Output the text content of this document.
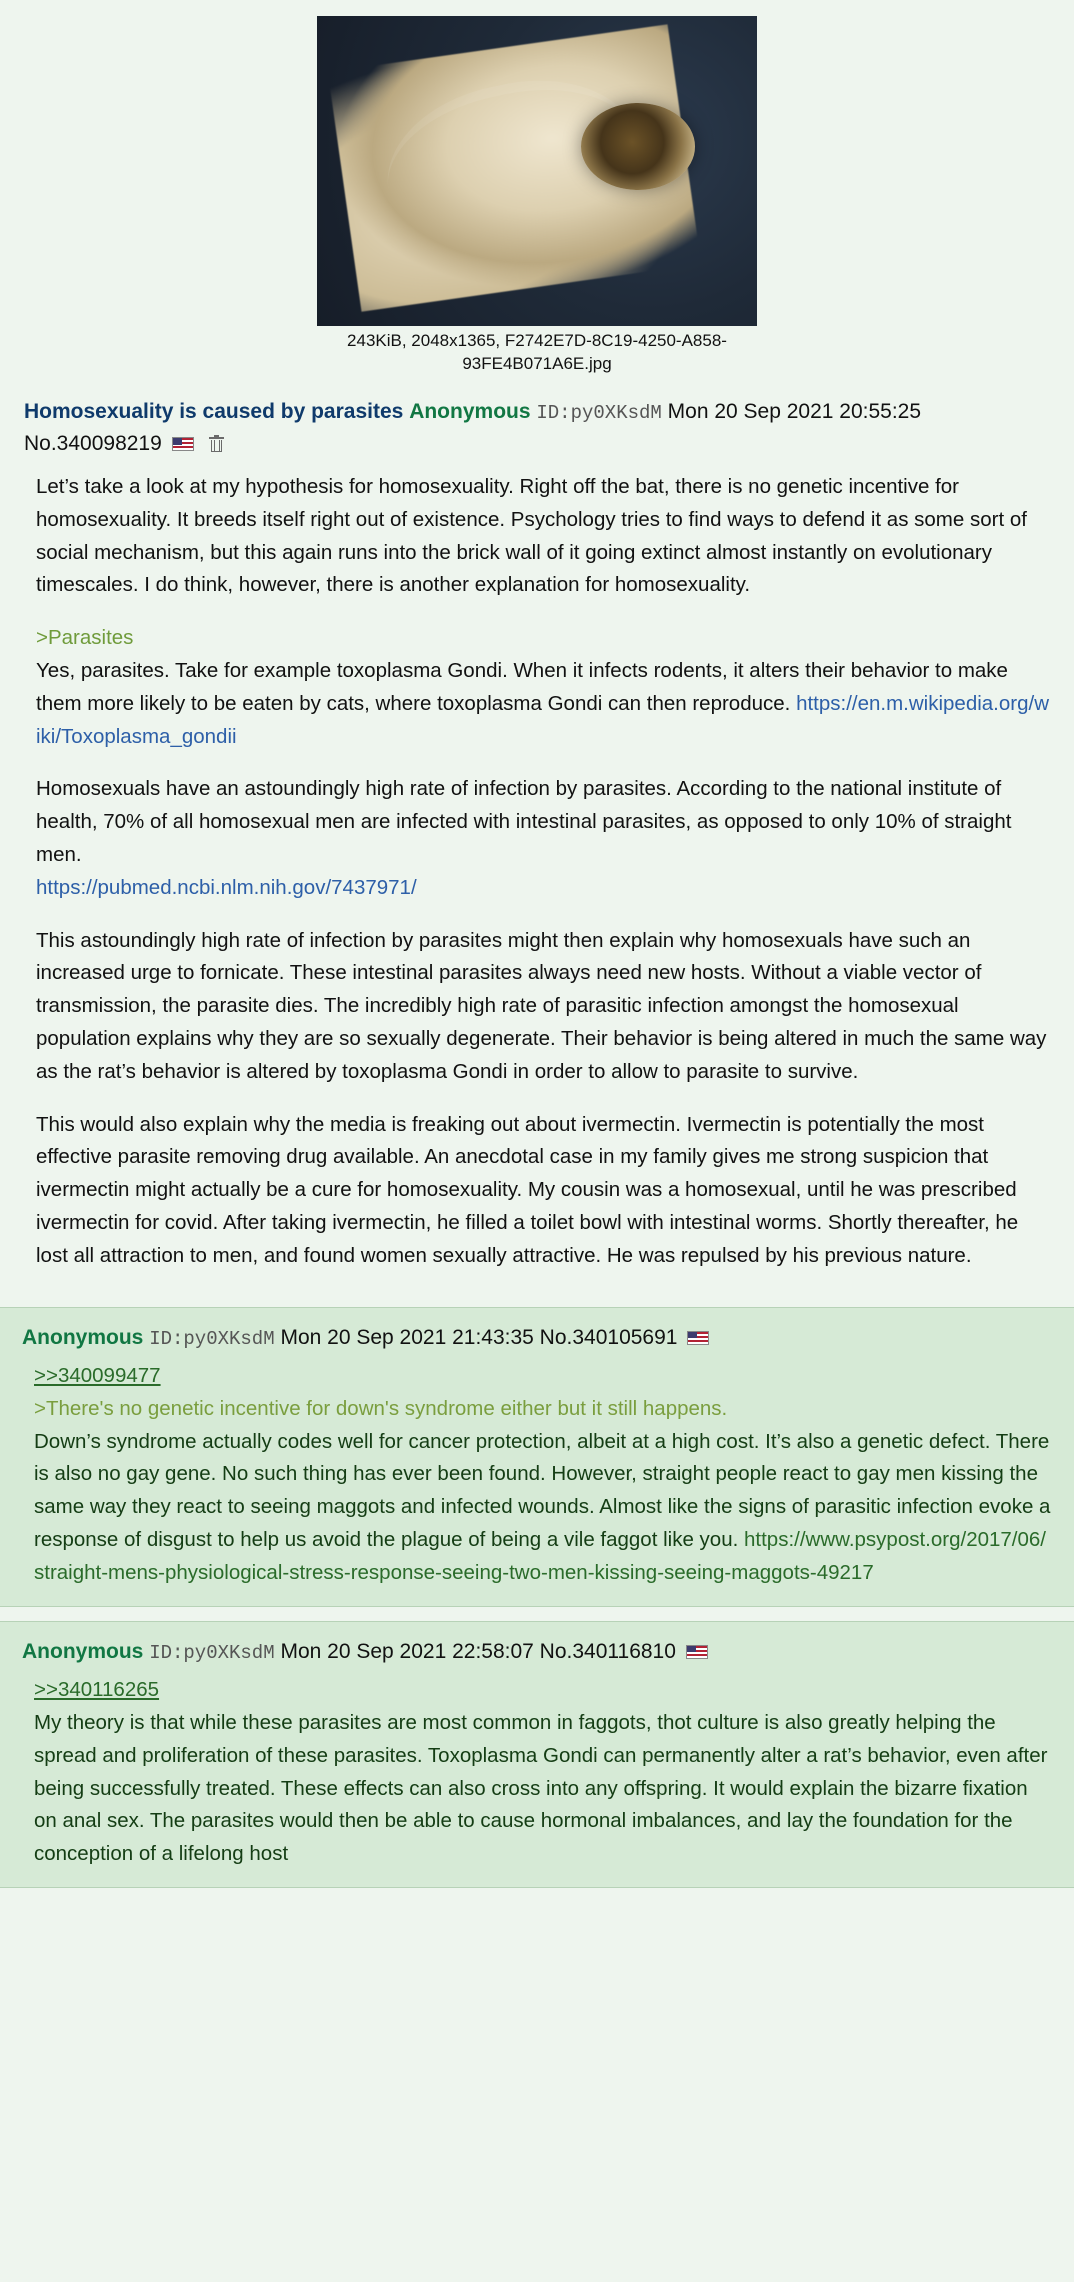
243KiB, 2048x1365, F2742E7D-8C19-4250-A858-93FE4B071A6E.jpg
Homosexuality is caused by parasites Anonymous ID:py0XKsdM Mon 20 Sep 2021 20:55:25 No.340098219

Let’s take a look at my hypothesis for homosexuality. Right off the bat, there is no genetic incentive for homosexuality. It breeds itself right out of existence. Psychology tries to find ways to defend it as some sort of social mechanism, but this again runs into the brick wall of it going extinct almost instantly on evolutionary timescales. I do think, however, there is another explanation for homosexuality.

>Parasites
Yes, parasites. Take for example toxoplasma Gondi. When it infects rodents, it alters their behavior to make them more likely to be eaten by cats, where toxoplasma Gondi can then reproduce. https://en.m.wikipedia.org/wiki/Toxoplasma_gondii

Homosexuals have an astoundingly high rate of infection by parasites. According to the national institute of health, 70% of all homosexual men are infected with intestinal parasites, as opposed to only 10% of straight men.
https://pubmed.ncbi.nlm.nih.gov/7437971/

This astoundingly high rate of infection by parasites might then explain why homosexuals have such an increased urge to fornicate. These intestinal parasites always need new hosts. Without a viable vector of transmission, the parasite dies. The incredibly high rate of parasitic infection amongst the homosexual population explains why they are so sexually degenerate. Their behavior is being altered in much the same way as the rat’s behavior is altered by toxoplasma Gondi in order to allow to parasite to survive.

This would also explain why the media is freaking out about ivermectin. Ivermectin is potentially the most effective parasite removing drug available. An anecdotal case in my family gives me strong suspicion that ivermectin might actually be a cure for homosexuality. My cousin was a homosexual, until he was prescribed ivermectin for covid. After taking ivermectin, he filled a toilet bowl with intestinal worms. Shortly thereafter, he lost all attraction to men, and found women sexually attractive. He was repulsed by his previous nature.

Anonymous ID:py0XKsdM Mon 20 Sep 2021 21:43:35 No.340105691
>>340099477
>There's no genetic incentive for down's syndrome either but it still happens.

Down’s syndrome actually codes well for cancer protection, albeit at a high cost. It’s also a genetic defect. There is also no gay gene. No such thing has ever been found. However, straight people react to gay men kissing the same way they react to seeing maggots and infected wounds. Almost like the signs of parasitic infection evoke a response of disgust to help us avoid the plague of being a vile faggot like you. https://www.psypost.org/2017/06/straight-mens-physiological-stress-response-seeing-two-men-kissing-seeing-maggots-49217

Anonymous ID:py0XKsdM Mon 20 Sep 2021 22:58:07 No.340116810
>>340116265

My theory is that while these parasites are most common in faggots, thot culture is also greatly helping the spread and proliferation of these parasites. Toxoplasma Gondi can permanently alter a rat’s behavior, even after being successfully treated. These effects can also cross into any offspring. It would explain the bizarre fixation on anal sex. The parasites would then be able to cause hormonal imbalances, and lay the foundation for the conception of a lifelong host
